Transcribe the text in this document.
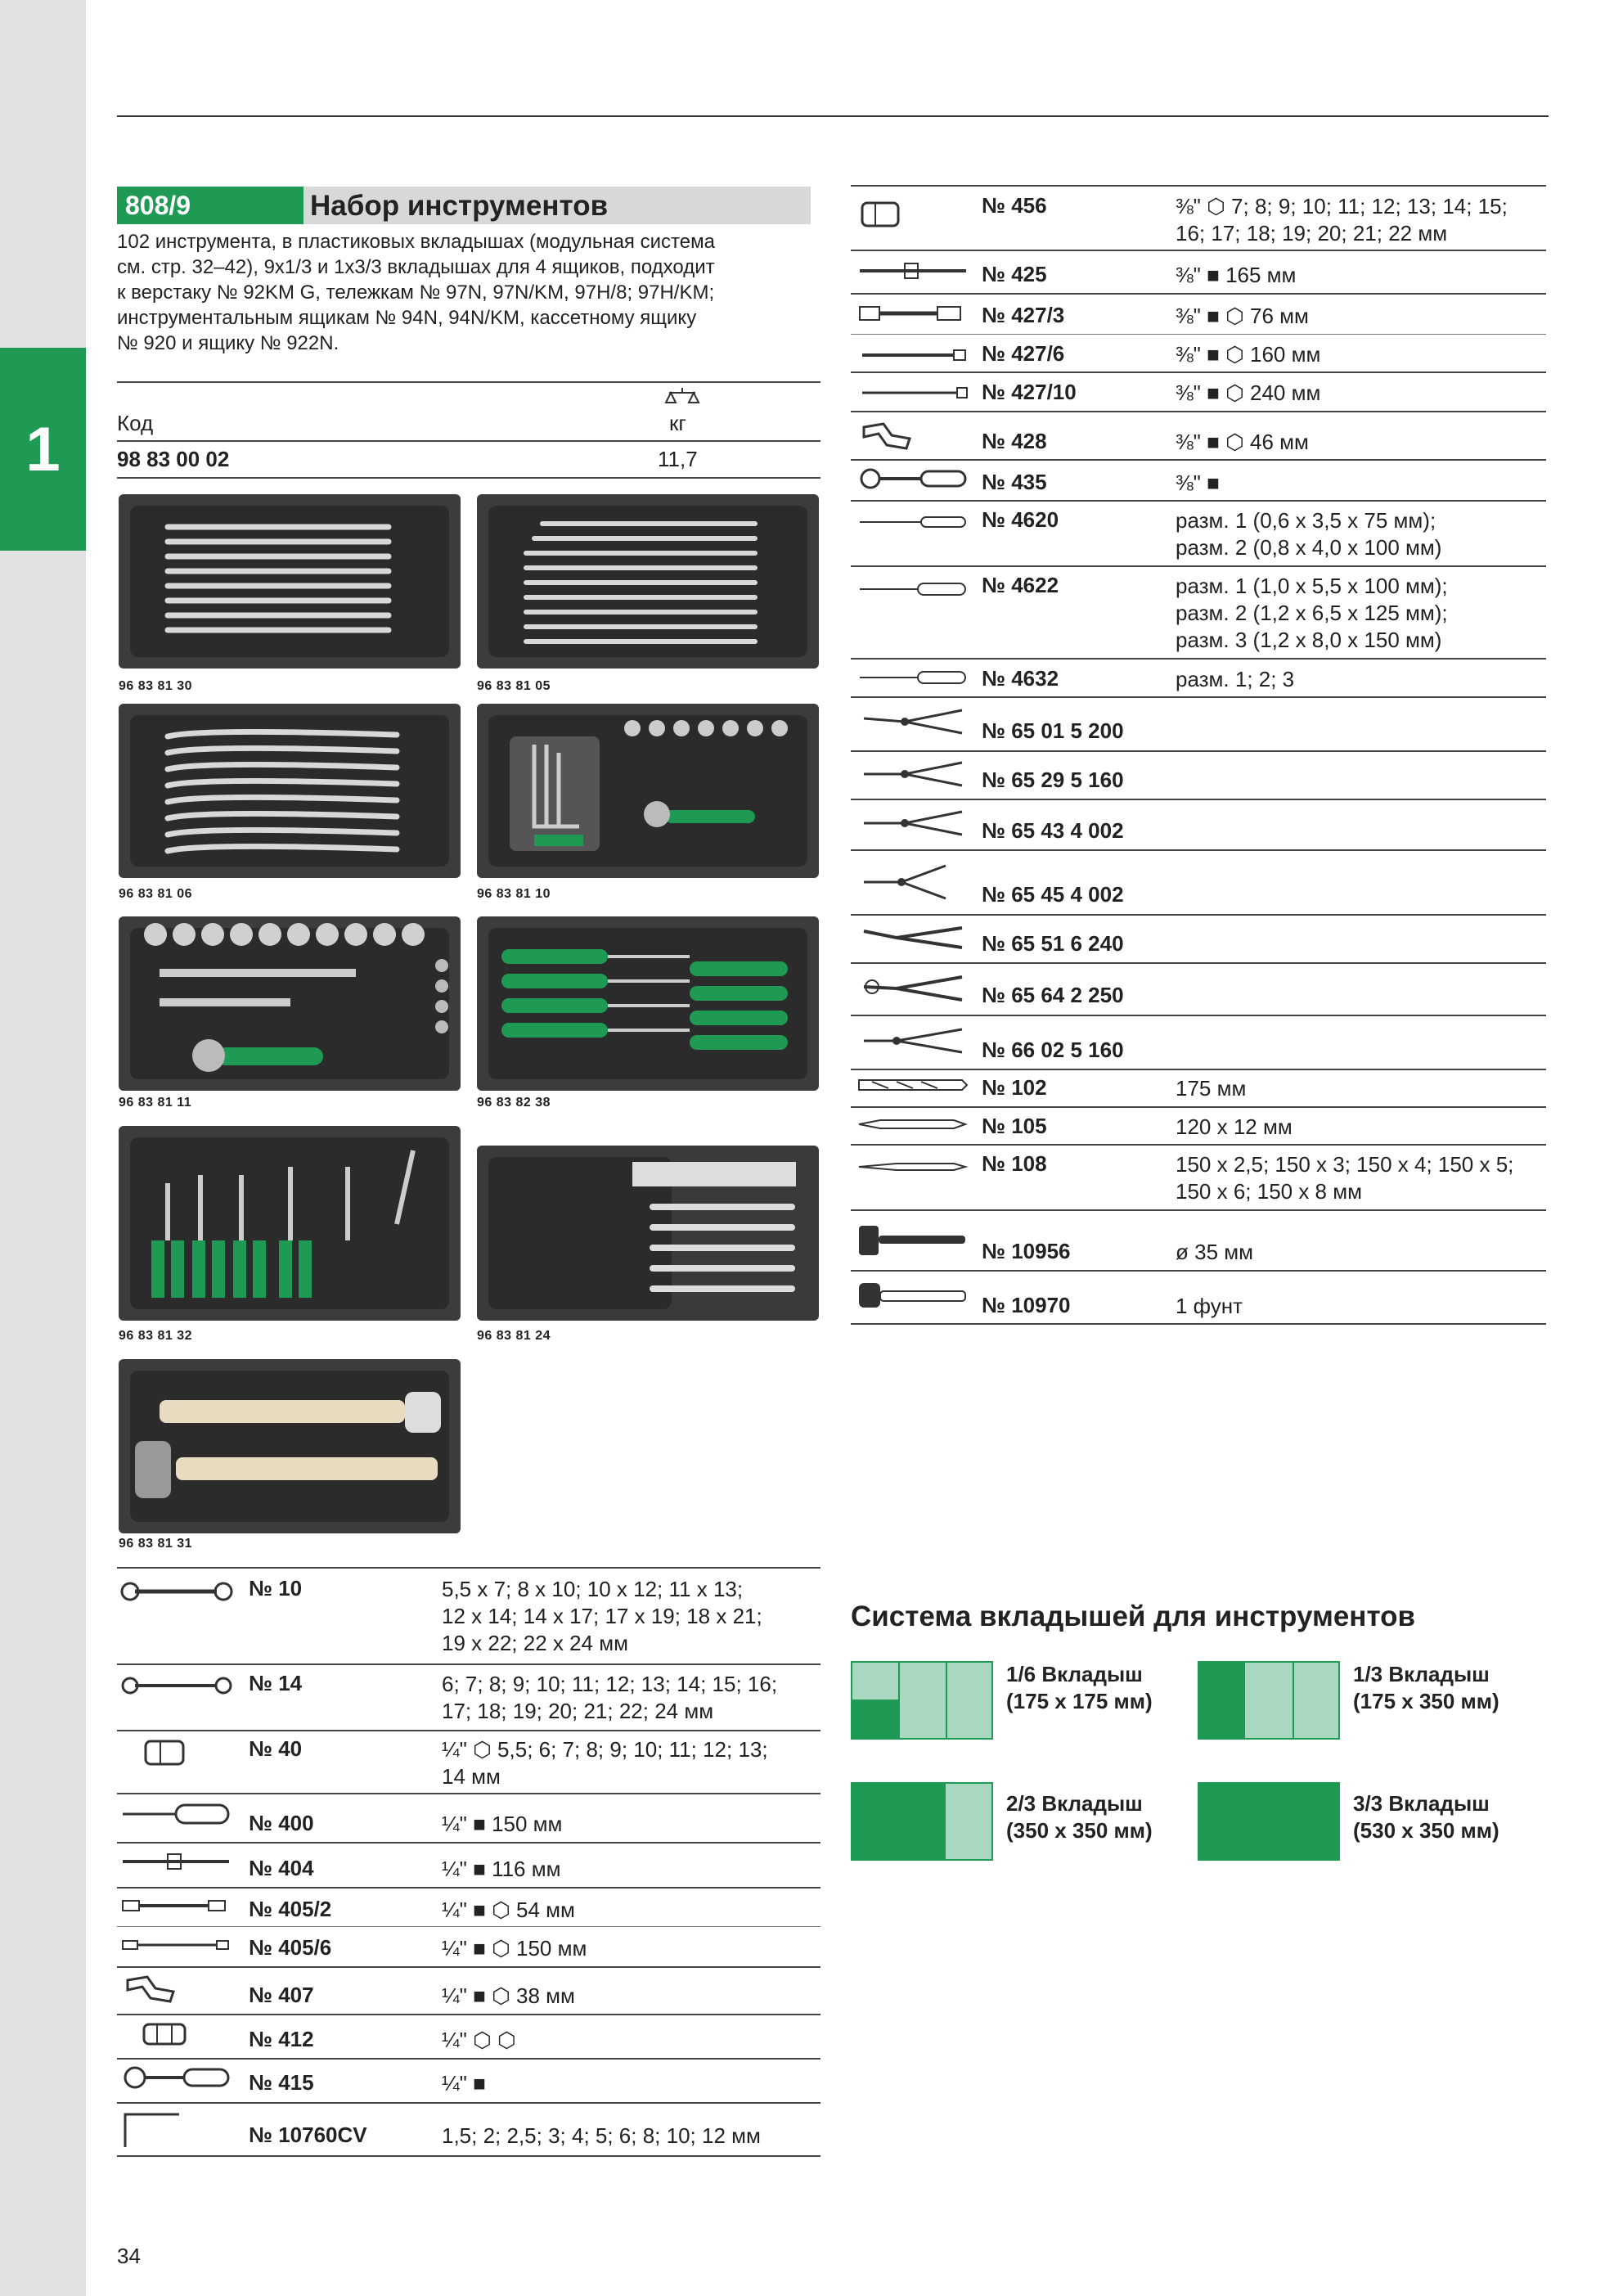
1
808/9	Набор инструментов
102 инструмента, в пластиковых вкладышах (модульная система
см. стр. 32–42), 9x1/3 и 1x3/3 вкладышах для 4 ящиков, подходит
к верстаку № 92KM G, тележкам № 97N, 97N/KM, 97H/8; 97H/KM;
инструментальным ящикам № 94N, 94N/KM, кассетному ящику
№ 920 и ящику № 922N.
Код	кг
98 83 00 02	11,7
96 83 81 30	96 83 81 05
96 83 81 06	96 83 81 10
96 83 81 11	96 83 82 38
96 83 81 32	96 83 81 24
96 83 81 31
№ 10	5,5 x 7; 8 x 10; 10 x 12; 11 x 13;
12 x 14; 14 x 17; 17 x 19; 18 x 21;
19 x 22; 22 x 24 мм
№ 14	6; 7; 8; 9; 10; 11; 12; 13; 14; 15; 16;
17; 18; 19; 20; 21; 22; 24 мм
№ 40	¼" ⬡ 5,5; 6; 7; 8; 9; 10; 11; 12; 13;
14 мм
№ 400	¼" ■ 150 мм
№ 404	¼" ■ 116 мм
№ 405/2	¼" ■ ⬡ 54 мм
№ 405/6	¼" ■ ⬡ 150 мм
№ 407	¼" ■ ⬡ 38 мм
№ 412	¼" ⬡ ⬡
№ 415	¼" ■
№ 10760CV	1,5; 2; 2,5; 3; 4; 5; 6; 8; 10; 12 мм
№ 456	⅜" ⬡ 7; 8; 9; 10; 11; 12; 13; 14; 15;
16; 17; 18; 19; 20; 21; 22 мм
№ 425	⅜" ■ 165 мм
№ 427/3	⅜" ■ ⬡ 76 мм
№ 427/6	⅜" ■ ⬡ 160 мм
№ 427/10	⅜" ■ ⬡ 240 мм
№ 428	⅜" ■ ⬡ 46 мм
№ 435	⅜" ■
№ 4620	разм. 1 (0,6 x 3,5 x 75 мм);
разм. 2 (0,8 x 4,0 x 100 мм)
№ 4622	разм. 1 (1,0 x 5,5 x 100 мм);
разм. 2 (1,2 x 6,5 x 125 мм);
разм. 3 (1,2 x 8,0 x 150 мм)
№ 4632	разм. 1; 2; 3
№ 65 01 5 200
№ 65 29 5 160
№ 65 43 4 002
№ 65 45 4 002
№ 65 51 6 240
№ 65 64 2 250
№ 66 02 5 160
№ 102	175 мм
№ 105	120 x 12 мм
№ 108	150 x 2,5; 150 x 3; 150 x 4; 150 x 5;
150 x 6; 150 x 8 мм
№ 10956	ø 35 мм
№ 10970	1 фунт
Система вкладышей для инструментов
1/6 Вкладыш
(175 x 175 мм)
1/3 Вкладыш
(175 x 350 мм)
2/3 Вкладыш
(350 x 350 мм)
3/3 Вкладыш
(530 x 350 мм)
34
